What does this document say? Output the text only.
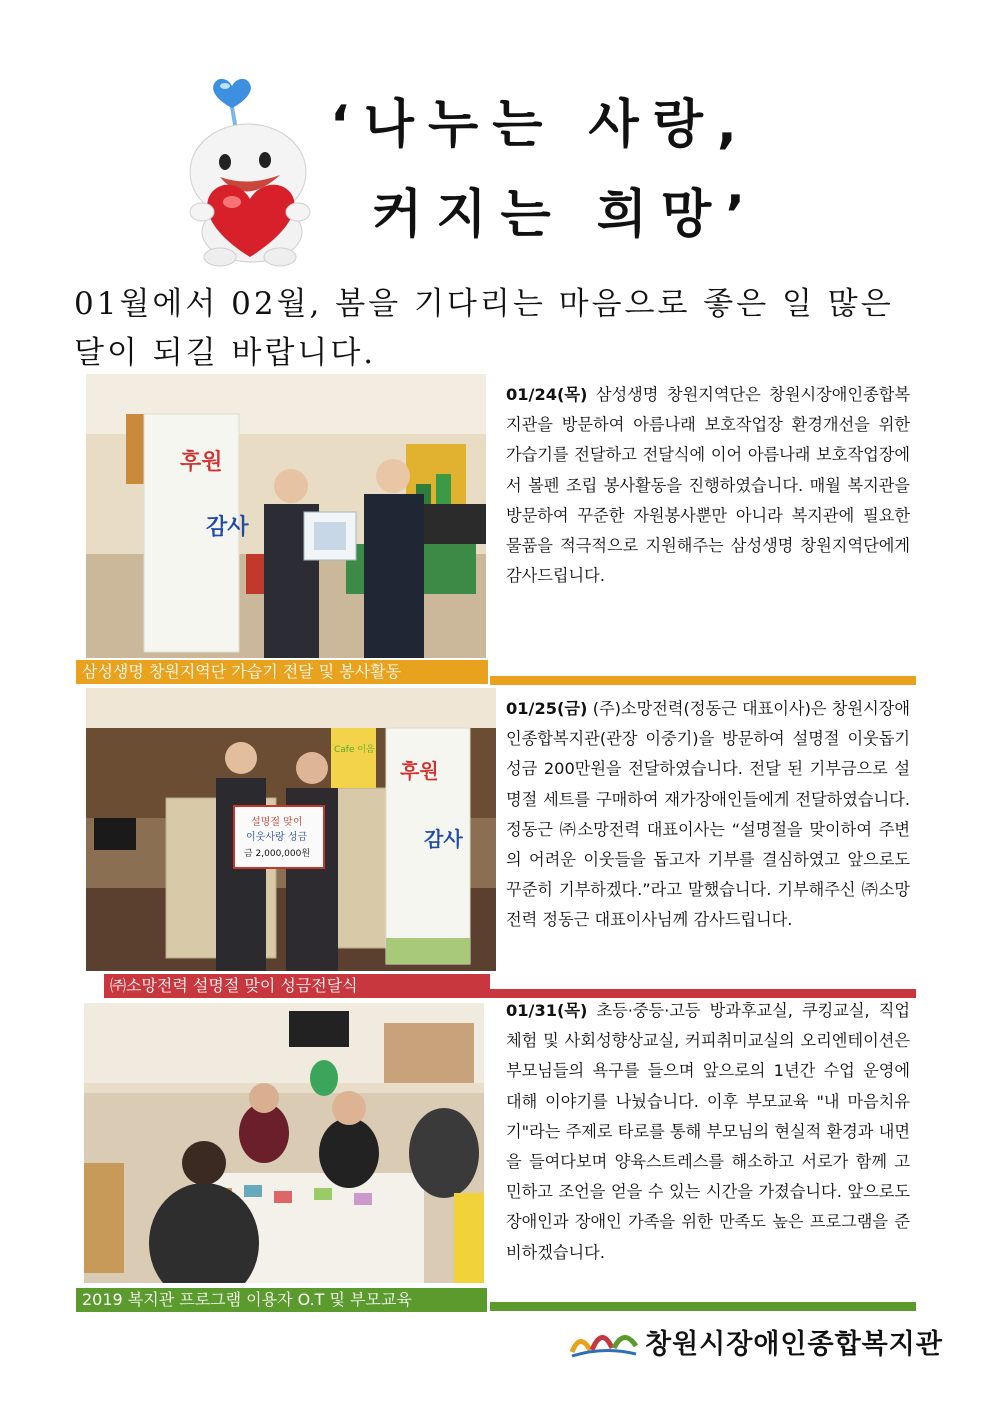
‘나누는 사랑,
커지는 희망’
01월에서 02월, 봄을 기다리는 마음으로 좋은 일 많은
달이 되길 바랍니다.
후원
감사
삼성생명 창원지역단 가습기 전달 및 봉사활동
01/24(목) 삼성생명 창원지역단은 창원시장애인종합복지관을 방문하여 아름나래 보호작업장 환경개선을 위한 가습기를 전달하고 전달식에 이어 아름나래 보호작업장에서 볼펜 조립 봉사활동을 진행하였습니다. 매월 복지관을 방문하여 꾸준한 자원봉사뿐만 아니라 복지관에 필요한 물품을 적극적으로 지원해주는 삼성생명 창원지역단에게 감사드립니다.
Cafe 이음
설명절 맞이
이웃사랑 성금
금 2,000,000원
후원
감사
㈜소망전력 설명절 맞이 성금전달식
01/25(금) (주)소망전력(정동근 대표이사)은 창원시장애인종합복지관(관장 이중기)을 방문하여 설명절 이웃돕기 성금 200만원을 전달하였습니다. 전달 된 기부금으로 설명절 세트를 구매하여 재가장애인들에게 전달하였습니다. 정동근 ㈜소망전력 대표이사는 “설명절을 맞이하여 주변의 어려운 이웃들을 돕고자 기부를 결심하였고 앞으로도 꾸준히 기부하겠다.”라고 말했습니다. 기부해주신 ㈜소망전력 정동근 대표이사님께 감사드립니다.
2019 복지관 프로그램 이용자 O.T 및 부모교육
01/31(목) 초등·중등·고등 방과후교실, 쿠킹교실, 직업체험 및 사회성향상교실, 커피취미교실의 오리엔테이션은 부모님들의 욕구를 들으며 앞으로의 1년간 수업 운영에 대해 이야기를 나눴습니다. 이후 부모교육 "내 마음치유기"라는 주제로 타로를 통해 부모님의 현실적 환경과 내면을 들여다보며 양육스트레스를 해소하고 서로가 함께 고민하고 조언을 얻을 수 있는 시간을 가졌습니다. 앞으로도 장애인과 장애인 가족을 위한 만족도 높은 프로그램을 준비하겠습니다.
창원시장애인종합복지관
